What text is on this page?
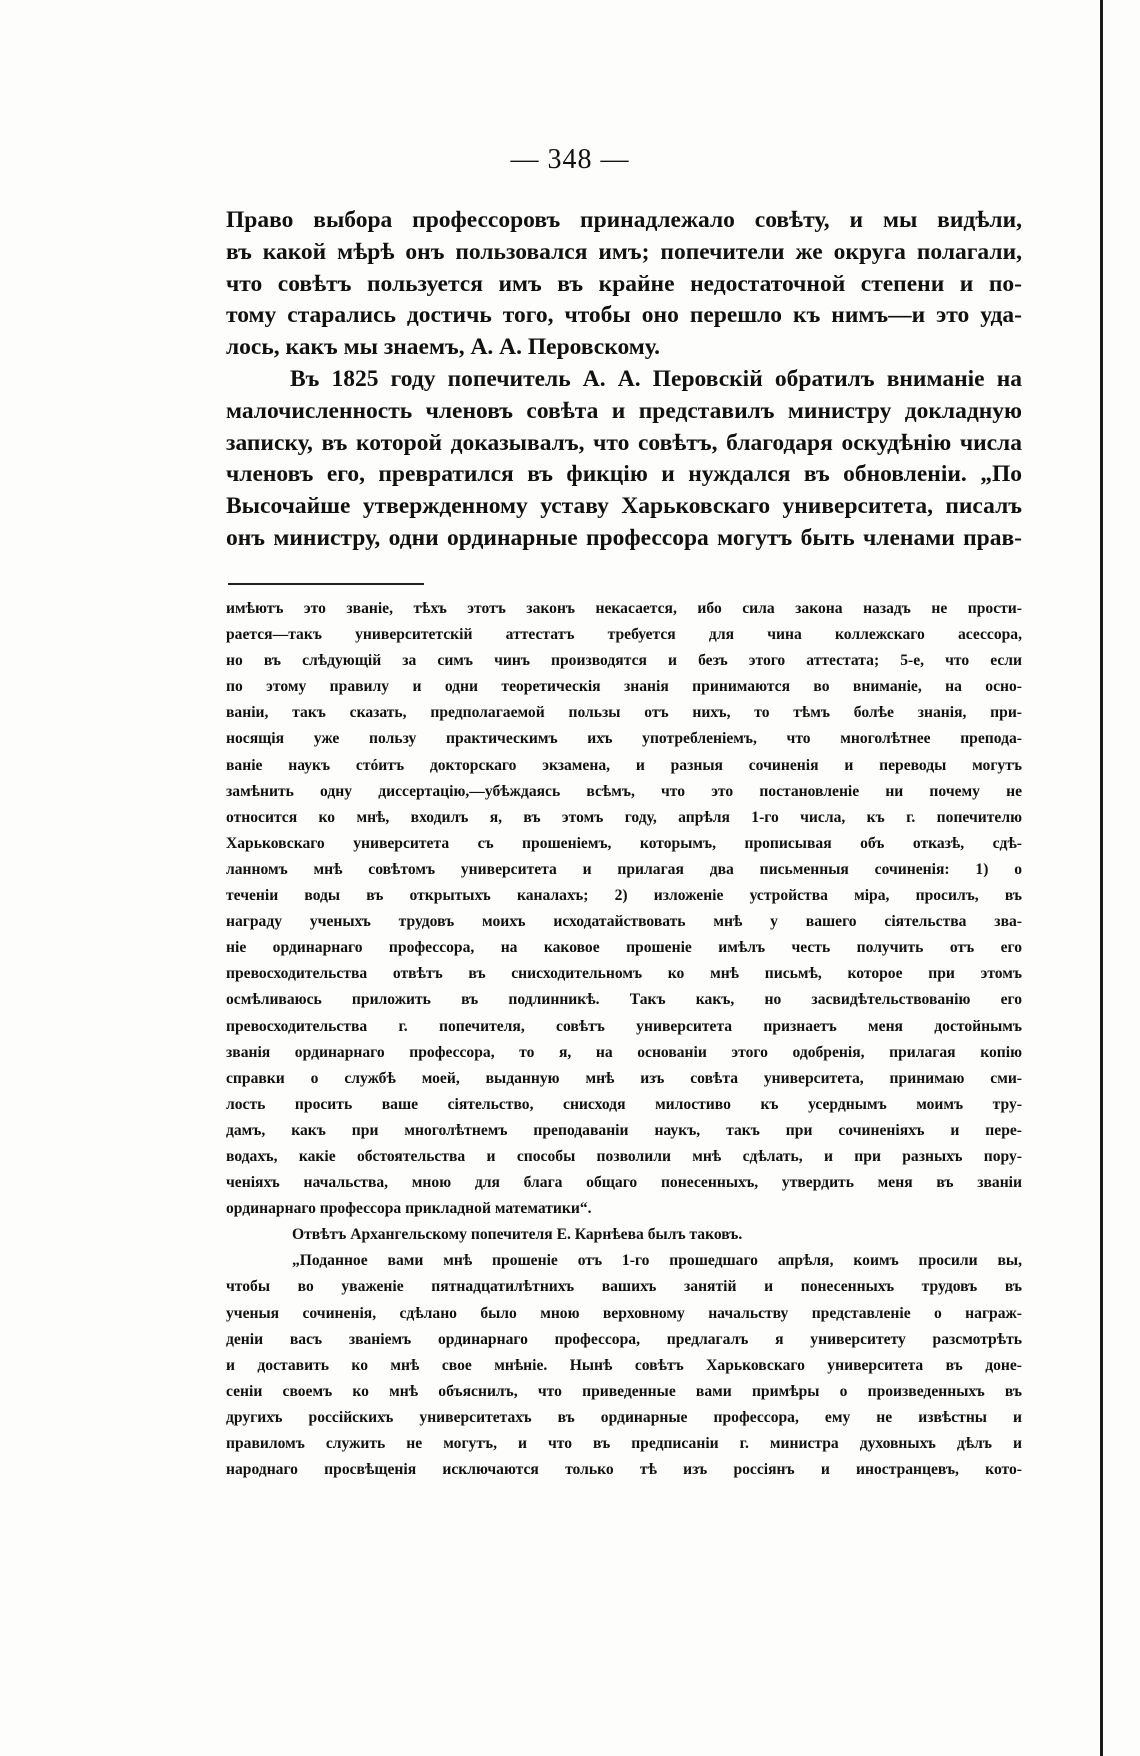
— 348 —
Право выбора профессоровъ принадлежало совѣту, и мы видѣли,
въ какой мѣрѣ онъ пользовался имъ; попечители же округа полагали,
что совѣтъ пользуется имъ въ крайне недостаточной степени и по-
тому старались достичь того, чтобы оно перешло къ нимъ—и это уда-
лось, какъ мы знаемъ, А. А. Перовскому.
Въ 1825 году попечитель А. А. Перовскій обратилъ вниманіе на
малочисленность членовъ совѣта и представилъ министру докладную
записку, въ которой доказывалъ, что совѣтъ, благодаря оскудѣнію числа
членовъ его, превратился въ фикцію и нуждался въ обновленіи. „По
Высочайше утвержденному уставу Харьковскаго университета, писалъ
онъ министру, одни ординарные профессора могутъ быть членами прав-
имѣютъ это званіе, тѣхъ этотъ законъ некасается, ибо сила закона назадъ не прости-
рается—такъ университетскій аттестатъ требуется для чина коллежскаго асессора,
но въ слѣдующій за симъ чинъ производятся и безъ этого аттестата; 5-е, что если
по этому правилу и одни теоретическія знанія принимаются во вниманіе, на осно-
ваніи, такъ сказать, предполагаемой пользы отъ нихъ, то тѣмъ болѣе знанія, при-
носящія уже пользу практическимъ ихъ употребленіемъ, что многолѣтнее препода-
ваніе наукъ стóитъ докторскаго экзамена, и разныя сочиненія и переводы могутъ
замѣнить одну диссертацію,—убѣждаясь всѣмъ, что это постановленіе ни почему не
относится ко мнѣ, входилъ я, въ этомъ году, апрѣля 1-го числа, къ г. попечителю
Харьковскаго университета съ прошеніемъ, которымъ, прописывая объ отказѣ, сдѣ-
ланномъ мнѣ совѣтомъ университета и прилагая два письменныя сочиненія: 1) о
теченіи воды въ открытыхъ каналахъ; 2) изложеніе устройства міра, просилъ, въ
награду ученыхъ трудовъ моихъ исходатайствовать мнѣ у вашего сіятельства зва-
ніе ординарнаго профессора, на каковое прошеніе имѣлъ честь получить отъ его
превосходительства отвѣтъ въ снисходительномъ ко мнѣ письмѣ, которое при этомъ
осмѣливаюсь приложить въ подлинникѣ. Такъ какъ, но засвидѣтельствованію его
превосходительства г. попечителя, совѣтъ университета признаетъ меня достойнымъ
званія ординарнаго профессора, то я, на основаніи этого одобренія, прилагая копію
справки о службѣ моей, выданную мнѣ изъ совѣта университета, принимаю сми-
лость просить ваше сіятельство, снисходя милостиво къ усерднымъ моимъ тру-
дамъ, какъ при многолѣтнемъ преподаваніи наукъ, такъ при сочиненіяхъ и пере-
водахъ, какіе обстоятельства и способы позволили мнѣ сдѣлать, и при разныхъ пору-
ченіяхъ начальства, мною для блага общаго понесенныхъ, утвердить меня въ званіи
ординарнаго профессора прикладной математики“.
Отвѣтъ Архангельскому попечителя Е. Карнѣева былъ таковъ.
„Поданное вами мнѣ прошеніе отъ 1-го прошедшаго апрѣля, коимъ просили вы,
чтобы во уваженіе пятнадцатилѣтнихъ вашихъ занятій и понесенныхъ трудовъ въ
ученыя сочиненія, сдѣлано было мною верховному начальству представленіе о награж-
деніи васъ званіемъ ординарнаго профессора, предлагалъ я университету разсмотрѣть
и доставить ко мнѣ свое мнѣніе. Нынѣ совѣтъ Харьковскаго университета въ доне-
сеніи своемъ ко мнѣ объяснилъ, что приведенные вами примѣры о произведенныхъ въ
другихъ россійскихъ университетахъ въ ординарные профессора, ему не извѣстны и
правиломъ служить не могутъ, и что въ предписаніи г. министра духовныхъ дѣлъ и
народнаго просвѣщенія исключаются только тѣ изъ россіянъ и иностранцевъ, кото-
